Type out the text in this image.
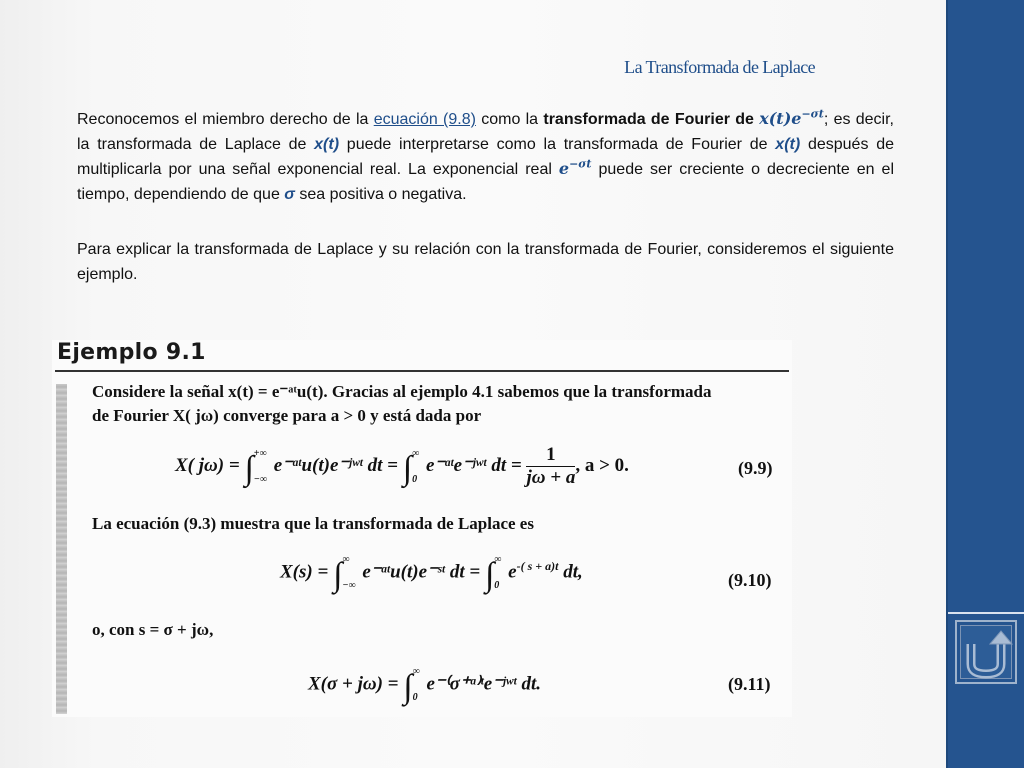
La Transformada de Laplace

Reconocemos el miembro derecho de la ecuación (9.8) como la transformada de Fourier de 𝒙(𝒕)𝒆$^{-𝝈𝒕}$; es decir, la transformada de Laplace de x(t) puede interpretarse como la transformada de Fourier de x(t) después de multiplicarla por una señal exponencial real. La exponencial real 𝒆$^{-𝝈𝒕}$ puede ser creciente o decreciente en el tiempo, dependiendo de que σ sea positiva o negativa.

Para explicar la transformada de Laplace y su relación con la transformada de Fourier, consideremos el siguiente ejemplo.

Ejemplo 9.1
Considere la señal x(t) = e⁻ᵃᵗu(t). Gracias al ejemplo 4.1 sabemos que la transformada
de Fourier X( jω) converge para a > 0 y está dada por
X( jω) = ∫ +∞
−∞
e⁻ᵃᵗu(t)e⁻ʲʷᵗ dt = ∫ ∞
0
e⁻ᵃᵗe⁻ʲʷᵗ dt = $\frac{1}{j\omega + a}$ , a > 0.	(9.9)
La ecuación (9.3) muestra que la transformada de Laplace es
X(s) = ∫ ∞
−∞
e⁻ᵃᵗu(t)e⁻ˢᵗ dt = ∫ ∞
0
$e^{-( s + a)t}$ dt,	(9.10)
o, con s = σ + jω,
X(σ + jω) = ∫ ∞
0
e⁻⁽σ⁺ᵃ⁾ᵗe⁻ʲʷᵗ dt.	(9.11)
